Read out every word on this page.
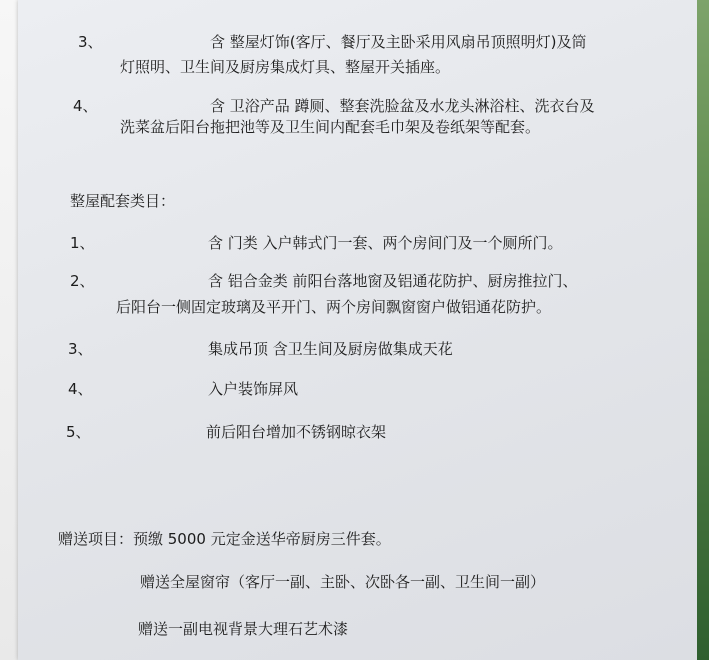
3、	含 整屋灯饰(客厅、餐厅及主卧采用风扇吊顶照明灯)及筒
灯照明、卫生间及厨房集成灯具、整屋开关插座。
4、	含 卫浴产品 蹲厕、整套洗脸盆及水龙头淋浴柱、洗衣台及
洗菜盆后阳台拖把池等及卫生间内配套毛巾架及卷纸架等配套。
整屋配套类目：
1、	含 门类 入户韩式门一套、两个房间门及一个厕所门。
2、	含 铝合金类 前阳台落地窗及铝通花防护、厨房推拉门、
后阳台一侧固定玻璃及平开门、两个房间飘窗窗户做铝通花防护。
3、	集成吊顶 含卫生间及厨房做集成天花
4、	入户装饰屏风
5、	前后阳台增加不锈钢晾衣架
赠送项目：预缴 5000 元定金送华帝厨房三件套。
赠送全屋窗帘（客厅一副、主卧、次卧各一副、卫生间一副）
赠送一副电视背景大理石艺术漆
